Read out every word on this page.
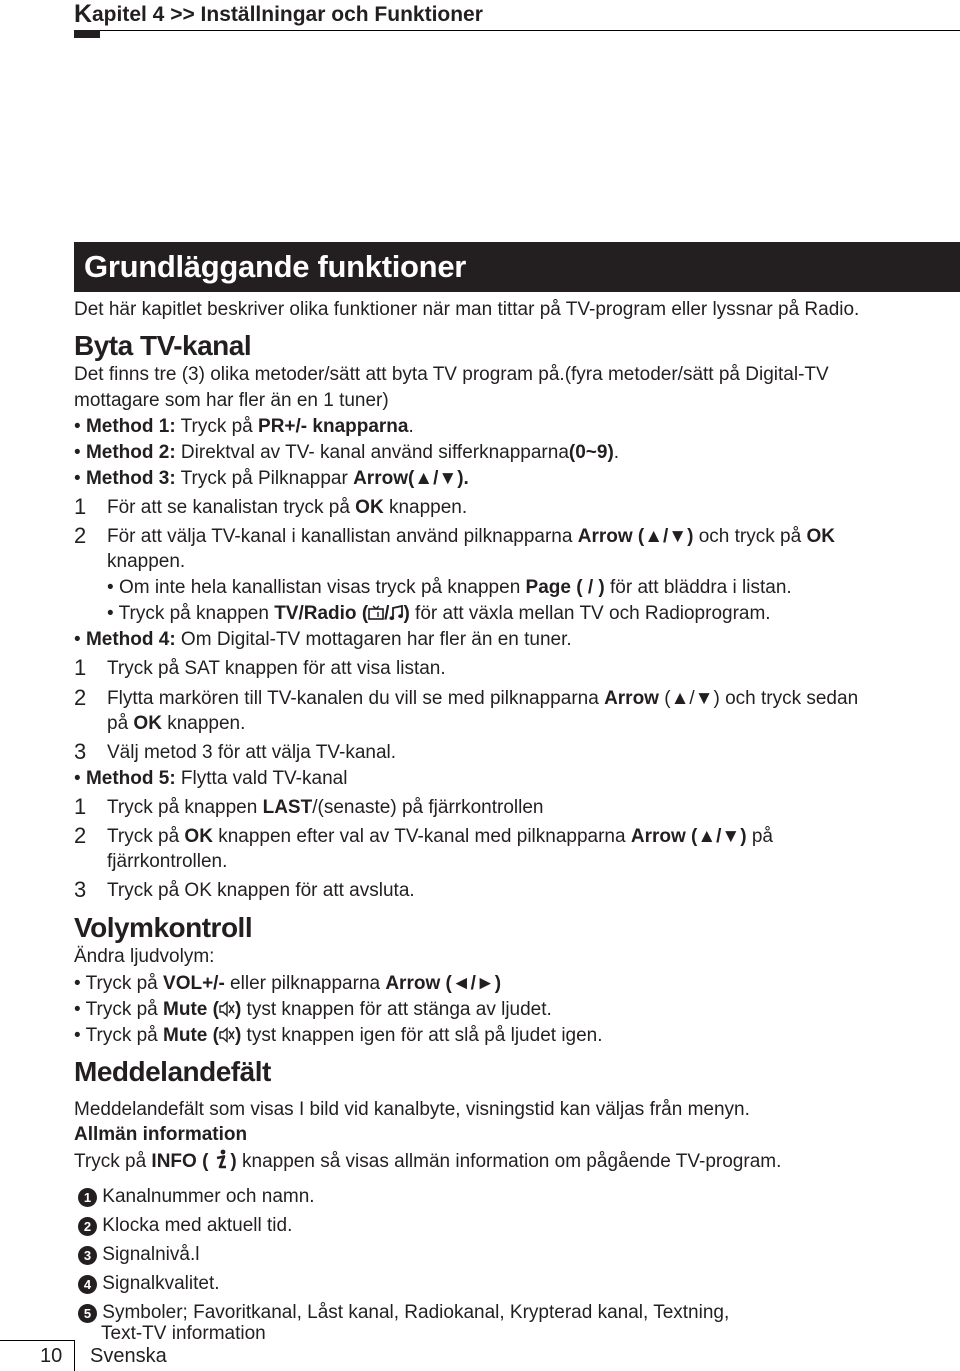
K apitel 4 >> Inställningar och Funktioner
Grundläggande funktioner
Det här kapitlet beskriver olika funktioner när man tittar på TV-program eller lyssnar på Radio.
Byta TV-kanal
Det finns tre (3) olika metoder/sätt att byta TV program på.(fyra metoder/sätt på Digital-TV
mottagare som har fler än en 1 tuner)
• Method 1: Tryck på PR+/- knapparna.
• Method 2: Direktval av TV- kanal använd sifferknapparna(0~9).
• Method 3: Tryck på Pilknappar Arrow(▲/▼).
1 För att se kanalistan tryck på OK knappen.
2 För att välja TV-kanal i kanallistan använd pilknapparna Arrow (▲/▼) och tryck på OK
knappen.
• Om inte hela kanallistan visas tryck på knappen Page ( / ) för att bläddra i listan.
• Tryck på knappen TV/Radio ( / ) för att växla mellan TV och Radioprogram.
• Method 4: Om Digital-TV mottagaren har fler än en tuner.
1 Tryck på SAT knappen för att visa listan.
2 Flytta markören till TV-kanalen du vill se med pilknapparna Arrow (▲/▼) och tryck sedan
på OK knappen.
3 Välj metod 3 för att välja TV-kanal.
• Method 5: Flytta vald TV-kanal
1 Tryck på knappen LAST/(senaste) på fjärrkontrollen
2 Tryck på OK knappen efter val av TV-kanal med pilknapparna Arrow (▲/▼) på
fjärrkontrollen.
3 Tryck på OK knappen för att avsluta.
Volymkontroll
Ändra ljudvolym:
• Tryck på VOL+/- eller pilknapparna Arrow (◄/►)
• Tryck på Mute ( ) tyst knappen för att stänga av ljudet.
• Tryck på Mute ( ) tyst knappen igen för att slå på ljudet igen.
Meddelandefält
Meddelandefält som visas I bild vid kanalbyte, visningstid kan väljas från menyn.
Allmän information
Tryck på INFO ( ) knappen så visas allmän information om pågående TV-program.
1 Kanalnummer och namn.
2 Klocka med aktuell tid.
3 Signalnivå.l
4 Signalkvalitet.
5 Symboler; Favoritkanal, Låst kanal, Radiokanal, Krypterad kanal, Textning,
Text-TV information
10 Svenska
